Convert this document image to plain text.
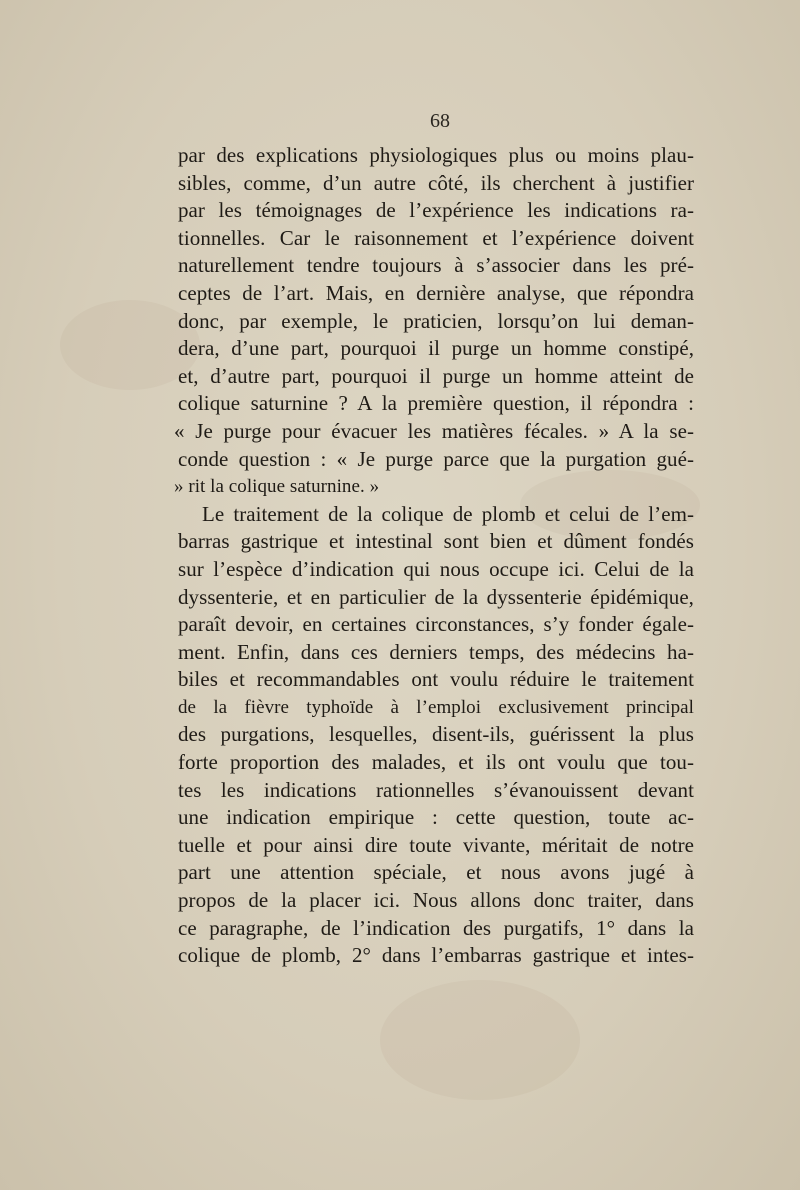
68
par des explications physiologiques plus ou moins plau-
sibles, comme, d’un autre côté, ils cherchent à justifier
par les témoignages de l’expérience les indications ra-
tionnelles. Car le raisonnement et l’expérience doivent
naturellement tendre toujours à s’associer dans les pré-
ceptes de l’art. Mais, en dernière analyse, que répondra
donc, par exemple, le praticien, lorsqu’on lui deman-
dera, d’une part, pourquoi il purge un homme constipé,
et, d’autre part, pourquoi il purge un homme atteint de
colique saturnine ? A la première question, il répondra :
« Je purge pour évacuer les matières fécales. » A la se-
conde question : « Je purge parce que la purgation gué-
» rit la colique saturnine. »
Le traitement de la colique de plomb et celui de l’em-
barras gastrique et intestinal sont bien et dûment fondés
sur l’espèce d’indication qui nous occupe ici. Celui de la
dyssenterie, et en particulier de la dyssenterie épidémique,
paraît devoir, en certaines circonstances, s’y fonder égale-
ment. Enfin, dans ces derniers temps, des médecins ha-
biles et recommandables ont voulu réduire le traitement
de la fièvre typhoïde à l’emploi exclusivement principal
des purgations, lesquelles, disent-ils, guérissent la plus
forte proportion des malades, et ils ont voulu que tou-
tes les indications rationnelles s’évanouissent devant
une indication empirique : cette question, toute ac-
tuelle et pour ainsi dire toute vivante, méritait de notre
part une attention spéciale, et nous avons jugé à
propos de la placer ici. Nous allons donc traiter, dans
ce paragraphe, de l’indication des purgatifs, 1° dans la
colique de plomb, 2° dans l’embarras gastrique et intes-
